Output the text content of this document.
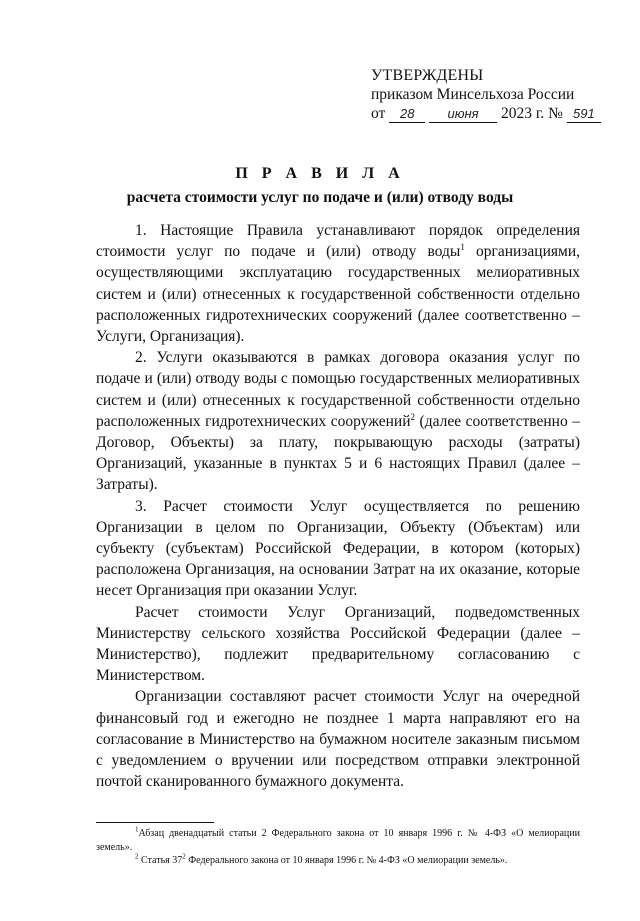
УТВЕРЖДЕНЫ
приказом Минсельхоза России
от 28	июня 2023 г. № 591
П Р А В И Л А
расчета стоимости услуг по подаче и (или) отводу воды

1. Настоящие Правила устанавливают порядок определения стоимости услуг по подаче и (или) отводу воды$^1$ организациями, осуществляющими эксплуатацию государственных мелиоративных систем и (или) отнесенных к государственной собственности отдельно расположенных гидротехнических сооружений (далее соответственно – Услуги, Организация).

2. Услуги оказываются в рамках договора оказания услуг по подаче и (или) отводу воды с помощью государственных мелиоративных систем и (или) отнесенных к государственной собственности отдельно расположенных гидротехнических сооружений$^2$ (далее соответственно – Договор, Объекты) за плату, покрывающую расходы (затраты) Организаций, указанные в пунктах 5 и 6 настоящих Правил (далее – Затраты).

3. Расчет стоимости Услуг осуществляется по решению Организации в целом по Организации, Объекту (Объектам) или субъекту (субъектам) Российской Федерации, в котором (которых) расположена Организация, на основании Затрат на их оказание, которые несет Организация при оказании Услуг.

Расчет стоимости Услуг Организаций, подведомственных Министерству сельского хозяйства Российской Федерации (далее – Министерство), подлежит предварительному согласованию с Министерством.

Организации составляют расчет стоимости Услуг на очередной финансовый год и ежегодно не позднее 1 марта направляют его на согласование в Министерство на бумажном носителе заказным письмом с уведомлением о вручении или посредством отправки электронной почтой сканированного бумажного документа.

$^1$Абзац двенадцатый статьи 2 Федерального закона от 10 января 1996 г. № 4-ФЗ «О мелиорации земель».

$^2$ Статья $37^2$ Федерального закона от 10 января 1996 г. № 4-ФЗ «О мелиорации земель».
